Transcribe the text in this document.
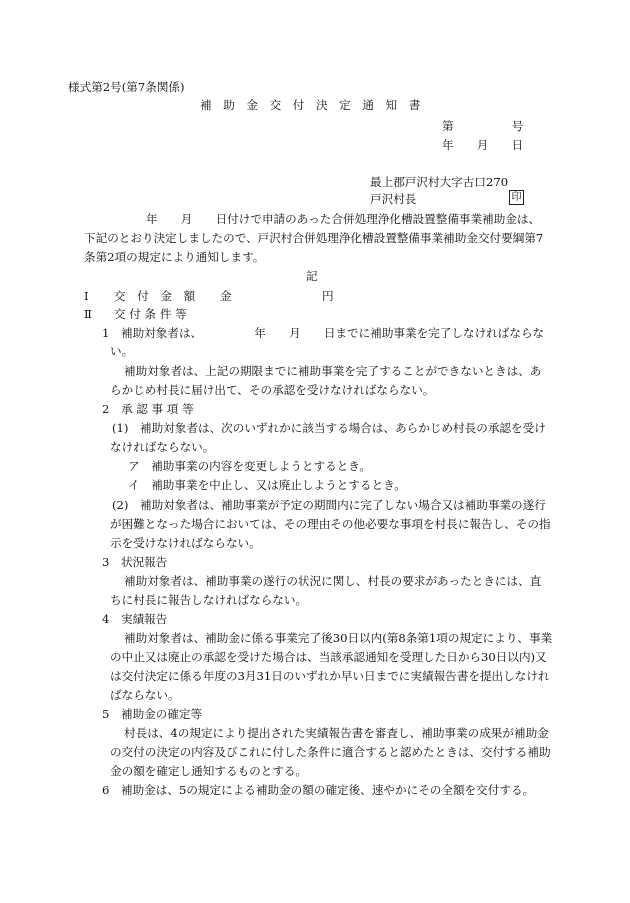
様式第2号(第7条関係)
補　助　金　交　付　決　定　通　知　書
第　　　　　号
年　　月　　日
最上郡戸沢村大字古口270
戸沢村長	印
年　　月　　日付けで申請のあった合併処理浄化槽設置整備事業補助金は、
下記のとおり決定しましたので、戸沢村合併処理浄化槽設置整備事業補助金交付要綱第7
条第2項の規定により通知します。
記
Ⅰ 交　付　金　額 金	円
Ⅱ 交 付 条 件 等
1　補助対象者は、　　　　　年　　月　　日までに補助事業を完了しなければならな
い。
補助対象者は、上記の期限までに補助事業を完了することができないときは、あ
らかじめ村長に届け出て、その承認を受けなければならない。
2　承 認 事 項 等
(1)　補助対象者は、次のいずれかに該当する場合は、あらかじめ村長の承認を受け
なければならない。
ア　補助事業の内容を変更しようとするとき。
イ　補助事業を中止し、又は廃止しようとするとき。
(2)　補助対象者は、補助事業が予定の期間内に完了しない場合又は補助事業の遂行
が困難となった場合においては、その理由その他必要な事項を村長に報告し、その指
示を受けなければならない。
3　状況報告
補助対象者は、補助事業の遂行の状況に関し、村長の要求があったときには、直
ちに村長に報告しなければならない。
4　実績報告
補助対象者は、補助金に係る事業完了後30日以内(第8条第1項の規定により、事業
の中止又は廃止の承認を受けた場合は、当該承認通知を受理した日から30日以内)又
は交付決定に係る年度の3月31日のいずれか早い日までに実績報告書を提出しなけれ
ばならない。
5　補助金の確定等
村長は、4の規定により提出された実績報告書を審査し、補助事業の成果が補助金
の交付の決定の内容及びこれに付した条件に適合すると認めたときは、交付する補助
金の額を確定し通知するものとする。
6　補助金は、5の規定による補助金の額の確定後、速やかにその全額を交付する。
